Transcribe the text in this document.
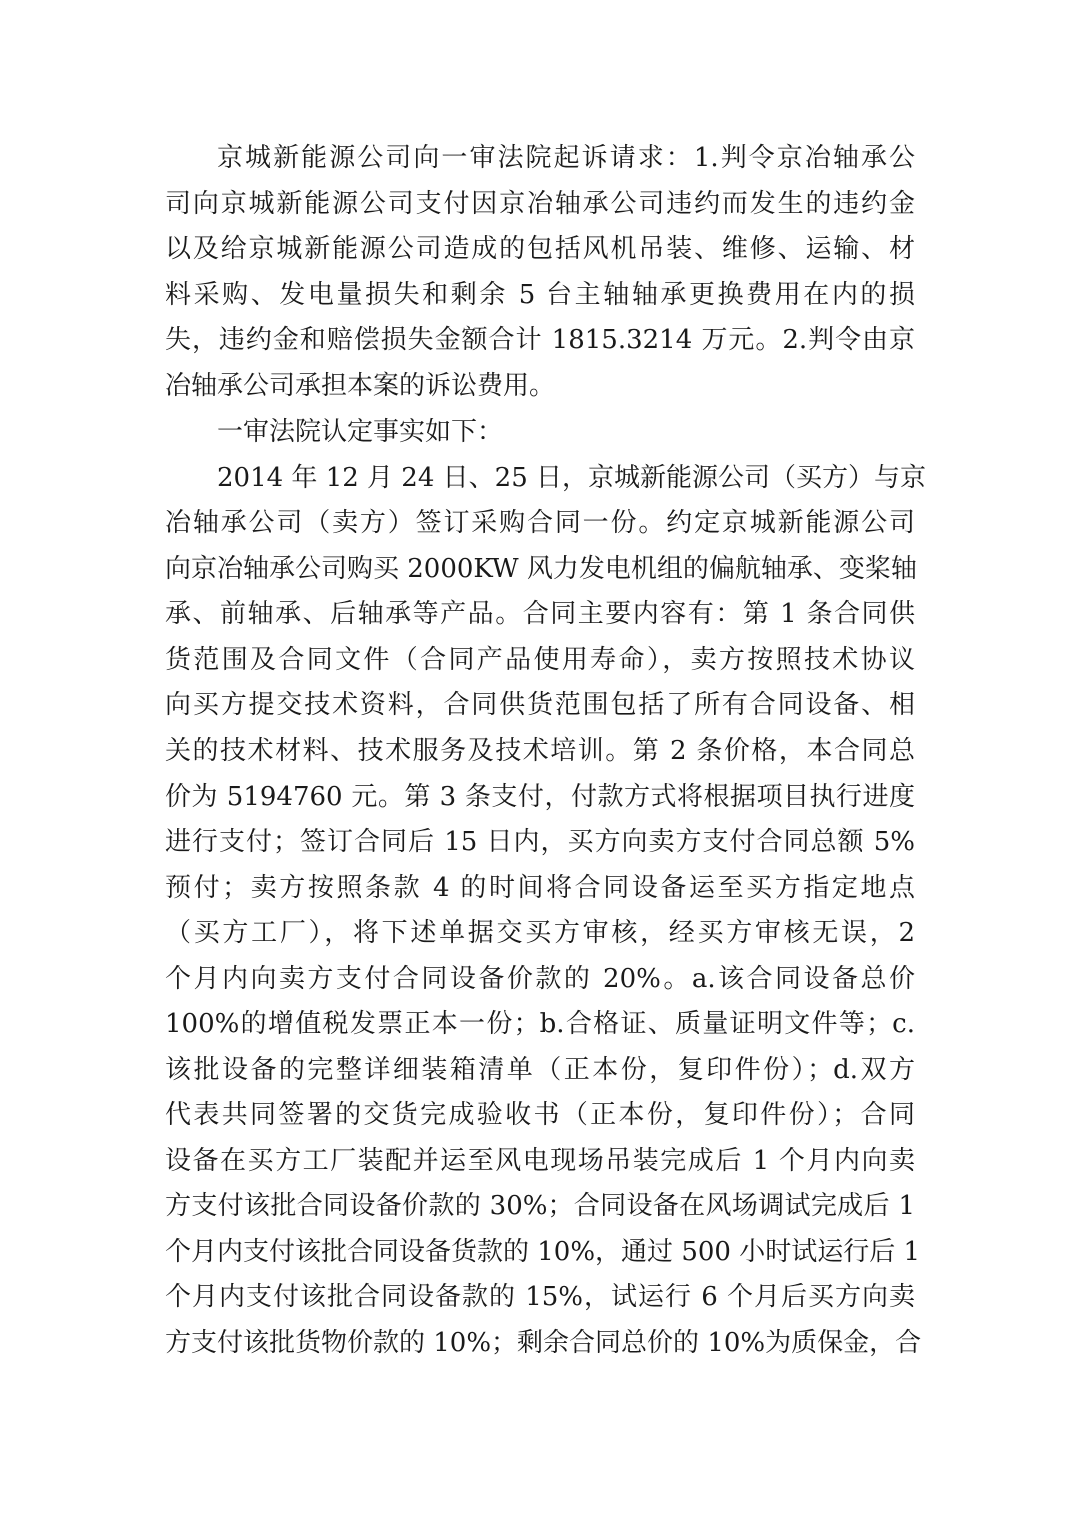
京城新能源公司向一审法院起诉请求：1.判令京冶轴承公

司向京城新能源公司支付因京冶轴承公司违约而发生的违约金

以及给京城新能源公司造成的包括风机吊装、维修、运输、材

料采购、发电量损失和剩余 5 台主轴轴承更换费用在内的损

失，违约金和赔偿损失金额合计 1815.3214 万元。2.判令由京

冶轴承公司承担本案的诉讼费用。

一审法院认定事实如下：

2014 年 12 月 24 日、25 日，京城新能源公司（买方）与京

冶轴承公司（卖方）签订采购合同一份。约定京城新能源公司

向京冶轴承公司购买 2000KW 风力发电机组的偏航轴承、变桨轴

承、前轴承、后轴承等产品。合同主要内容有：第 1 条合同供

货范围及合同文件（合同产品使用寿命），卖方按照技术协议

向买方提交技术资料，合同供货范围包括了所有合同设备、相

关的技术材料、技术服务及技术培训。第 2 条价格，本合同总

价为 5194760 元。第 3 条支付，付款方式将根据项目执行进度

进行支付；签订合同后 15 日内，买方向卖方支付合同总额 5%

预付；卖方按照条款 4 的时间将合同设备运至买方指定地点

（买方工厂），将下述单据交买方审核，经买方审核无误，2

个月内向卖方支付合同设备价款的 20%。a.该合同设备总价

100%的增值税发票正本一份；b.合格证、质量证明文件等；c.

该批设备的完整详细装箱清单（正本份，复印件份）；d.双方

代表共同签署的交货完成验收书（正本份，复印件份）；合同

设备在买方工厂装配并运至风电现场吊装完成后 1 个月内向卖

方支付该批合同设备价款的 30%；合同设备在风场调试完成后 1

个月内支付该批合同设备货款的 10%，通过 500 小时试运行后 1

个月内支付该批合同设备款的 15%，试运行 6 个月后买方向卖

方支付该批货物价款的 10%；剩余合同总价的 10%为质保金，合
